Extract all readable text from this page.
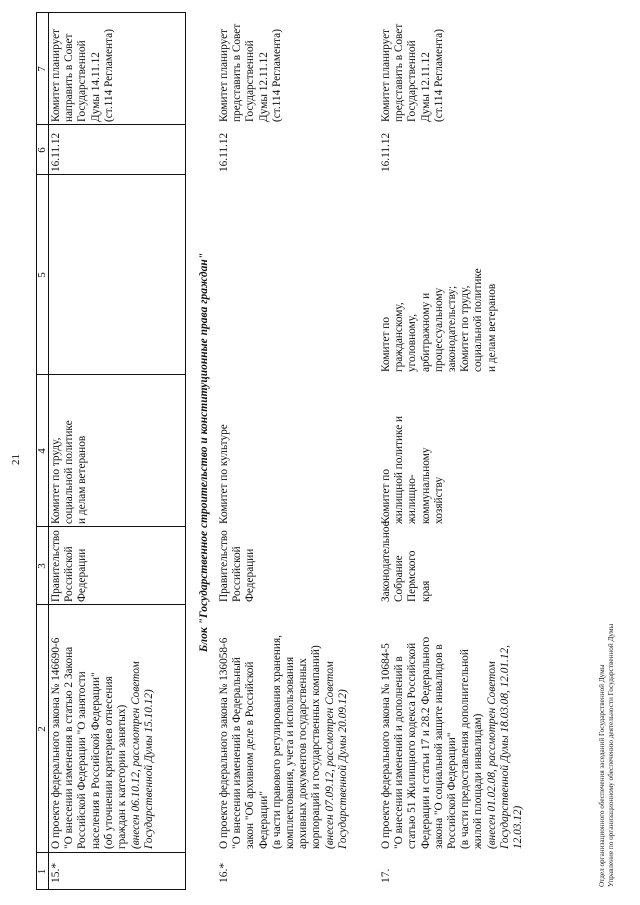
21
1
2
3
4
5
6
7
15.*
О проекте федерального закона № 146690-6
"О внесении изменения в статью 2 Закона
Российской Федерации "О занятости
населения в Российской Федерации"
(об уточнении критериев отнесения
граждан к категории занятых)
(внесен 06.10.12, рассмотрен Советом
Государственной Думы 15.10.12)
Правительство
Российской
Федерации
Комитет по труду,
социальной политике
и делам ветеранов
16.11.12
Комитет планирует
направить в Совет
Государственной
Думы 14.11.12
(ст.114 Регламента)
Блок "Государственное строительство и конституционные права граждан"
16.*
О проекте федерального закона № 136058-6
"О внесении изменений в Федеральный
закон "Об архивном деле в Российской
Федерации"
(в части правового регулирования хранения,
комплектования, учета и использования
архивных документов государственных
корпораций и государственных компаний)
(внесен 07.09.12, рассмотрен Советом
Государственной Думы 20.09.12)
Правительство
Российской
Федерации
Комитет по культуре
16.11.12
Комитет планирует
представить в Совет
Государственной
Думы 12.11.12
(ст.114 Регламента)
17.
О проекте федерального закона № 10684-5
"О внесении изменений и дополнений в
статью 51 Жилищного кодекса Российской
Федерации и статьи 17 и 28.2 Федерального
закона "О социальной защите инвалидов в
Российской Федерации"
(в части предоставления дополнительной
жилой площади инвалидам)
(внесен 01.02.08, рассмотрен Советом
Государственной Думы 18.03.08, 12.01.12,
12.03.12)
Законодательное
Собрание Пермского
края
Комитет по
жилищной политике и
жилищно-
коммунальному
хозяйству
Комитет по
гражданскому,
уголовному,
арбитражному и
процессуальному
законодательству;
Комитет по труду,
социальной политике
и делам ветеранов
16.11.12
Комитет планирует
представить в Совет
Государственной
Думы 12.11.12
(ст.114 Регламента)
Отдел организационного обеспечения заседаний Государственной Думы Управление по организационному обеспечению деятельности Государственной Думы
